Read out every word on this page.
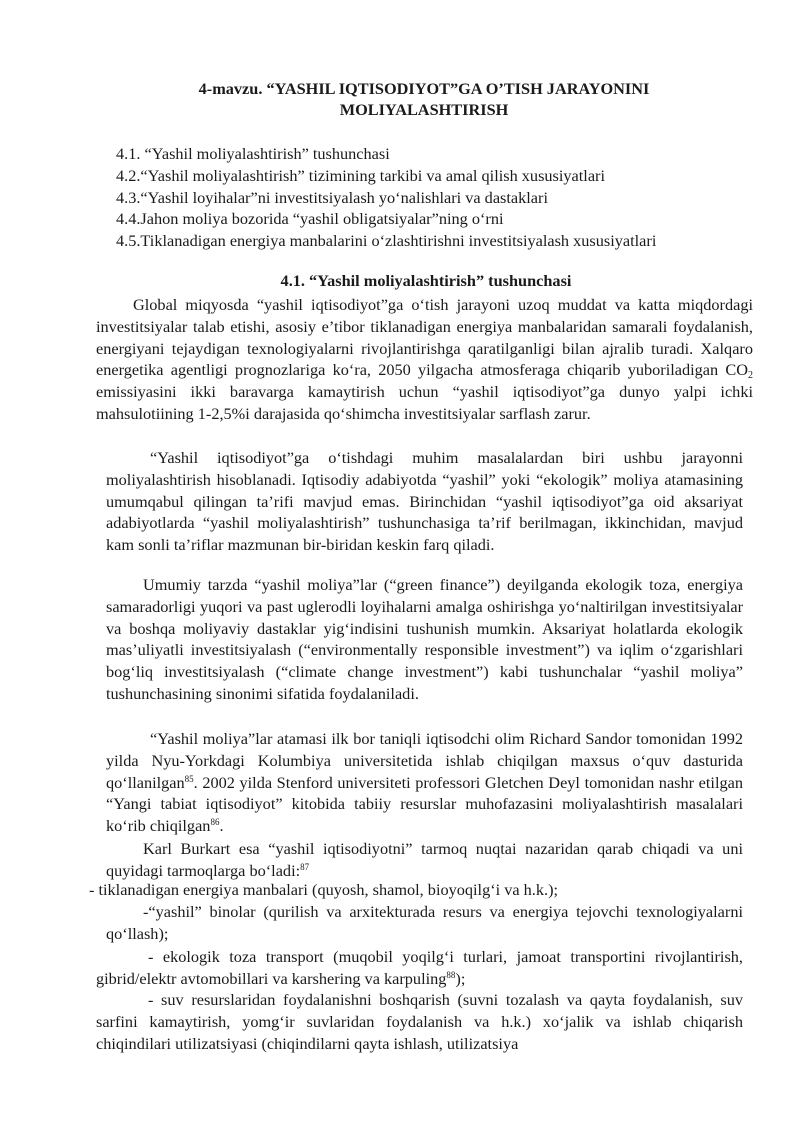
4-mavzu. “YASHIL IQTISODIYOT”GA O’TISH JARAYONINI
MOLIYALASHTIRISH
4.1. “Yashil moliyalashtirish” tushunchasi
4.2.“Yashil moliyalashtirish” tizimining tarkibi va amal qilish xususiyatlari
4.3.“Yashil loyihalar”ni investitsiyalash yo‘nalishlari va dastaklari
4.4.Jahon moliya bozorida “yashil obligatsiyalar”ning o‘rni
4.5.Tiklanadigan energiya manbalarini o‘zlashtirishni investitsiyalash xususiyatlari
4.1. “Yashil moliyalashtirish” tushunchasi

Global miqyosda “yashil iqtisodiyot”ga o‘tish jarayoni uzoq muddat va katta miqdordagi investitsiyalar talab etishi, asosiy e’tibor tiklanadigan energiya manbalaridan samarali foydalanish, energiyani tejaydigan texnologiyalarni rivojlantirishga qaratilganligi bilan ajralib turadi. Xalqaro energetika agentligi prognozlariga ko‘ra, 2050 yilgacha atmosferaga chiqarib yuboriladigan $CO_2$ emissiyasini ikki baravarga kamaytirish uchun “yashil iqtisodiyot”ga dunyo yalpi ichki mahsulotiining 1-2,5%i darajasida qo‘shimcha investitsiyalar sarflash zarur.

“Yashil iqtisodiyot”ga o‘tishdagi muhim masalalardan biri ushbu jarayonni moliyalashtirish hisoblanadi. Iqtisodiy adabiyotda “yashil” yoki “ekologik” moliya atamasining umumqabul qilingan ta’rifi mavjud emas. Birinchidan “yashil iqtisodiyot”ga oid aksariyat adabiyotlarda “yashil moliyalashtirish” tushunchasiga ta’rif berilmagan, ikkinchidan, mavjud kam sonli ta’riflar mazmunan bir-biridan keskin farq qiladi.

Umumiy tarzda “yashil moliya”lar (“green finance”) deyilganda ekologik toza, energiya samaradorligi yuqori va past uglerodli loyihalarni amalga oshirishga yo‘naltirilgan investitsiyalar va boshqa moliyaviy dastaklar yig‘indisini tushunish mumkin. Aksariyat holatlarda ekologik mas’uliyatli investitsiyalash (“environmentally responsible investment”) va iqlim o‘zgarishlari bog‘liq investitsiyalash (“climate change investment”) kabi tushunchalar “yashil moliya” tushunchasining sinonimi sifatida foydalaniladi.

“Yashil moliya”lar atamasi ilk bor taniqli iqtisodchi olim Richard Sandor tomonidan 1992 yilda Nyu-Yorkdagi Kolumbiya universitetida ishlab chiqilgan maxsus o‘quv dasturida qo‘llanilgan$^{85}$. 2002 yilda Stenford universiteti professori Gletchen Deyl tomonidan nashr etilgan “Yangi tabiat iqtisodiyot” kitobida tabiiy resurslar muhofazasini moliyalashtirish masalalari ko‘rib chiqilgan$^{86}$.

Karl Burkart esa “yashil iqtisodiyotni” tarmoq nuqtai nazaridan qarab chiqadi va uni quyidagi tarmoqlarga bo‘ladi:$^{87}$

- tiklanadigan energiya manbalari (quyosh, shamol, bioyoqilg‘i va h.k.);

-“yashil” binolar (qurilish va arxitekturada resurs va energiya tejovchi texnologiyalarni qo‘llash);

- ekologik toza transport (muqobil yoqilg‘i turlari, jamoat transportini rivojlantirish, gibrid/elektr avtomobillari va karshering va karpuling$^{88}$);

- suv resurslaridan foydalanishni boshqarish (suvni tozalash va qayta foydalanish, suv sarfini kamaytirish, yomg‘ir suvlaridan foydalanish va h.k.) xo‘jalik va ishlab chiqarish chiqindilari utilizatsiyasi (chiqindilarni qayta ishlash, utilizatsiya
